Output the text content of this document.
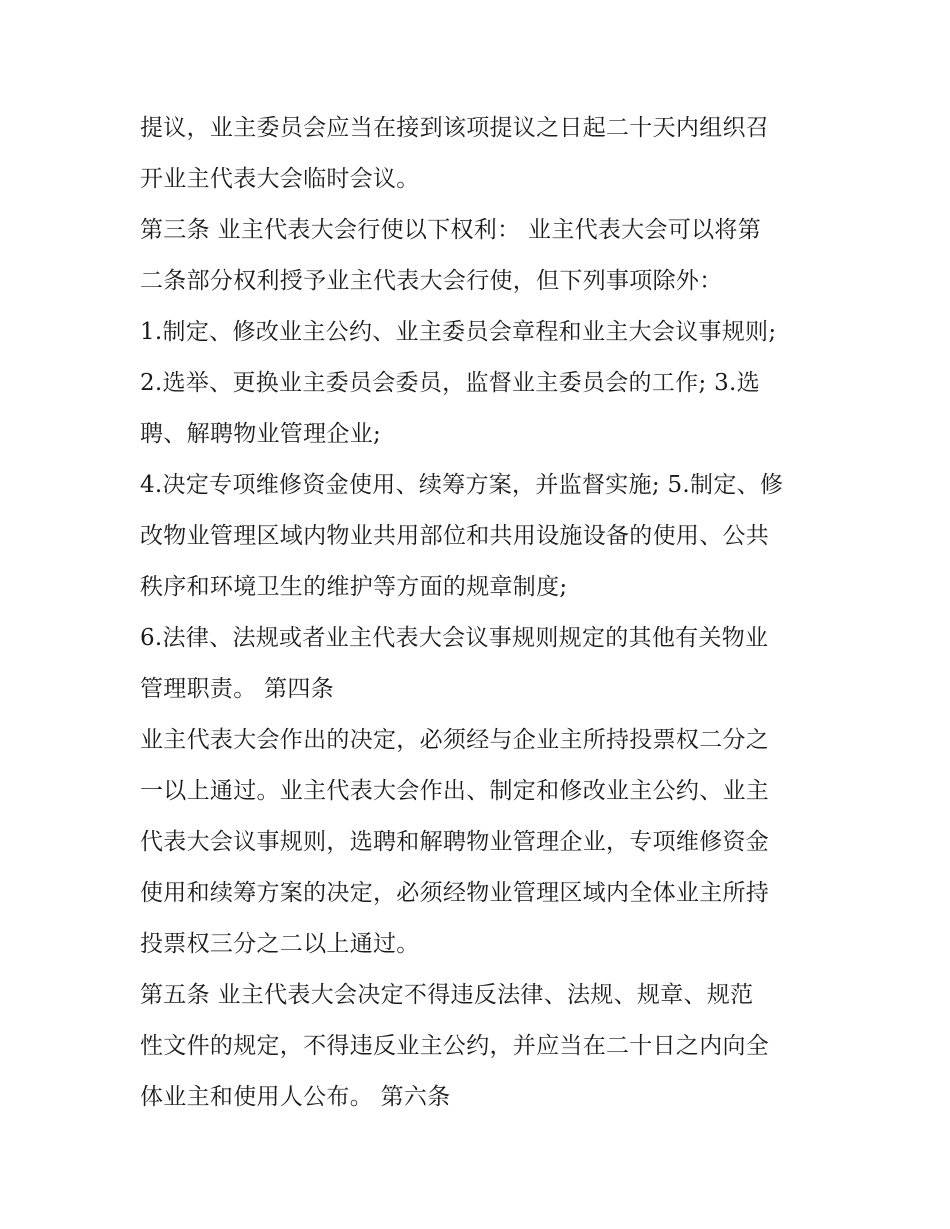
提议，业主委员会应当在接到该项提议之日起二十天内组织召
开业主代表大会临时会议。
第三条 业主代表大会行使以下权利： 业主代表大会可以将第
二条部分权利授予业主代表大会行使，但下列事项除外：
1.制定、修改业主公约、业主委员会章程和业主大会议事规则;
2.选举、更换业主委员会委员，监督业主委员会的工作; 3.选
聘、解聘物业管理企业;
4.决定专项维修资金使用、续筹方案，并监督实施; 5.制定、修
改物业管理区域内物业共用部位和共用设施设备的使用、公共
秩序和环境卫生的维护等方面的规章制度;
6.法律、法规或者业主代表大会议事规则规定的其他有关物业
管理职责。 第四条
业主代表大会作出的决定，必须经与企业主所持投票权二分之
一以上通过。业主代表大会作出、制定和修改业主公约、业主
代表大会议事规则，选聘和解聘物业管理企业，专项维修资金
使用和续筹方案的决定，必须经物业管理区域内全体业主所持
投票权三分之二以上通过。
第五条 业主代表大会决定不得违反法律、法规、规章、规范
性文件的规定，不得违反业主公约，并应当在二十日之内向全
体业主和使用人公布。 第六条
